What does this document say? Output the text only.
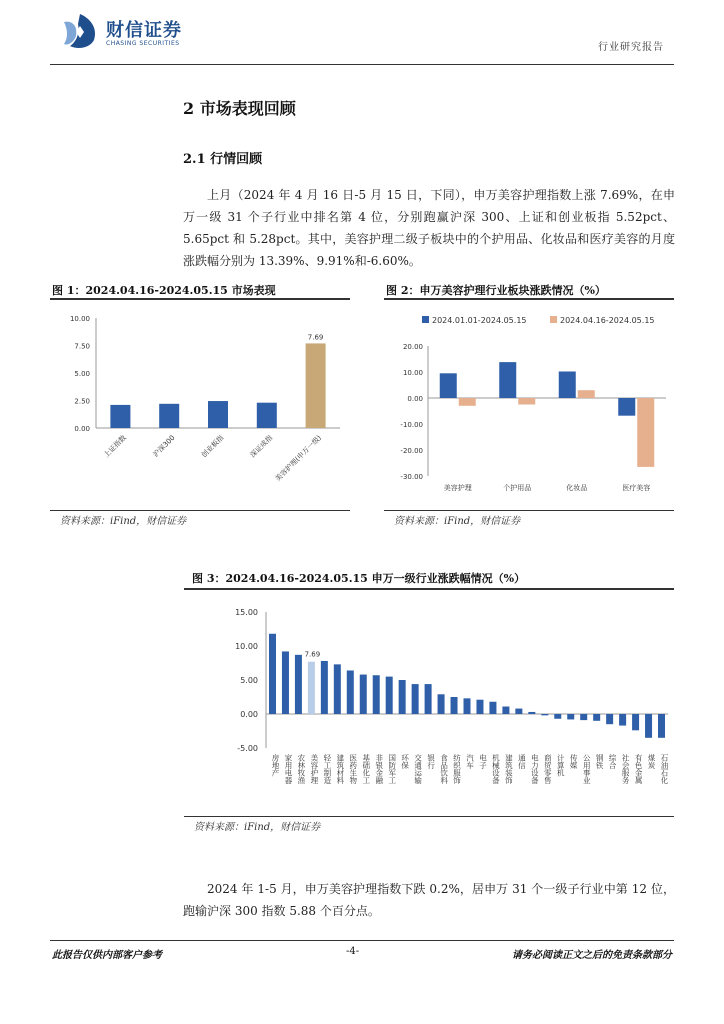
财信证券
CHASING SECURITIES	行业研究报告
2 市场表现回顾
2.1 行情回顾
上月（2024 年 4 月 16 日-5 月 15 日，下同），申万美容护理指数上涨 7.69%，在申万一级 31 个子行业中排名第 4 位，分别跑赢沪深 300、上证和创业板指 5.52pct、5.65pct 和 5.28pct。其中，美容护理二级子板块中的个护用品、化妆品和医疗美容的月度涨跌幅分别为 13.39%、9.91%和-6.60%。
图 1：2024.04.16-2024.05.15 市场表现	图 2：申万美容护理行业板块涨跌情况（%）
10.00
7.50
5.00
2.50
0.00
上证指数	沪深300	创业板指	深证成指
7.69
美容护理(申万一级)
2024.01.01-2024.05.15	2024.04.16-2024.05.15
20.00
10.00
0.00
-10.00
-20.00
-30.00
美容护理	个护用品	化妆品	医疗美容
资料来源：iFind，财信证券	资料来源：iFind，财信证券
图 3：2024.04.16-2024.05.15 申万一级行业涨跌幅情况（%）
15.00
10.00
5.00
0.00
-5.00
房地产 家用电器 农林牧渔
7.69
美容护理 轻工制造 建筑材料 医药生物 基础化工 非银金融 国防军工 环保 交通运输 银行 食品饮料 纺织服饰 汽车 电子 机械设备 建筑装饰 通信 电力设备 商贸零售 计算机 传媒 公用事业 钢铁 综合 社会服务 有色金属 煤炭 石油石化
资料来源：iFind，财信证券
2024 年 1-5 月，申万美容护理指数下跌 0.2%，居申万 31 个一级子行业中第 12 位，跑输沪深 300 指数 5.88 个百分点。
此报告仅供内部客户参考	-4-	请务必阅读正文之后的免责条款部分
